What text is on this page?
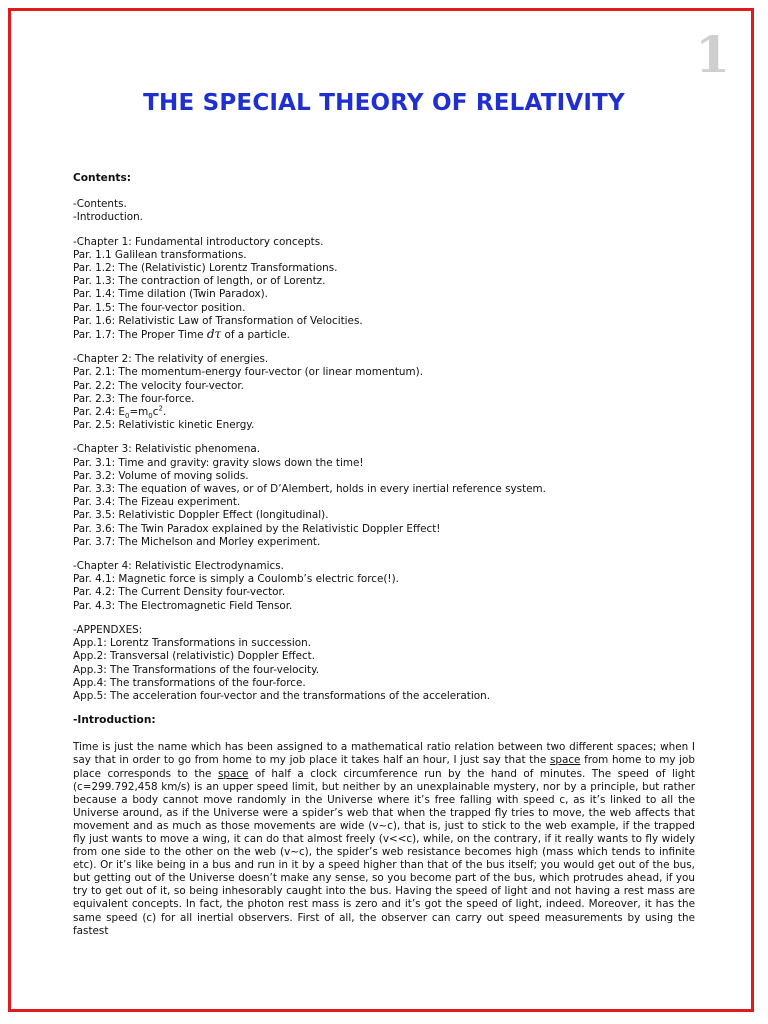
1
THE SPECIAL THEORY OF RELATIVITY
Contents:
-Contents.
-Introduction.
-Chapter 1: Fundamental introductory concepts.
Par. 1.1 Galilean transformations.
Par. 1.2: The (Relativistic) Lorentz Transformations.
Par. 1.3: The contraction of length, or of Lorentz.
Par. 1.4: Time dilation (Twin Paradox).
Par. 1.5: The four-vector position.
Par. 1.6: Relativistic Law of Transformation of Velocities.
Par. 1.7: The Proper Time dτ of a particle.
-Chapter 2: The relativity of energies.
Par. 2.1: The momentum-energy four-vector (or linear momentum).
Par. 2.2: The velocity four-vector.
Par. 2.3: The four-force.
Par. 2.4: $E_0=m_0c^2$.
Par. 2.5: Relativistic kinetic Energy.
-Chapter 3: Relativistic phenomena.
Par. 3.1: Time and gravity: gravity slows down the time!
Par. 3.2: Volume of moving solids.
Par. 3.3: The equation of waves, or of D’Alembert, holds in every inertial reference system.
Par. 3.4: The Fizeau experiment.
Par. 3.5: Relativistic Doppler Effect (longitudinal).
Par. 3.6: The Twin Paradox explained by the Relativistic Doppler Effect!
Par. 3.7: The Michelson and Morley experiment.
-Chapter 4: Relativistic Electrodynamics.
Par. 4.1: Magnetic force is simply a Coulomb’s electric force(!).
Par. 4.2: The Current Density four-vector.
Par. 4.3: The Electromagnetic Field Tensor.
-APPENDXES:
App.1: Lorentz Transformations in succession.
App.2: Transversal (relativistic) Doppler Effect.
App.3: The Transformations of the four-velocity.
App.4: The transformations of the four-force.
App.5: The acceleration four-vector and the transformations of the acceleration.
-Introduction:
Time is just the name which has been assigned to a mathematical ratio relation between two different spaces; when I say that in order to go from home to my job place it takes half an hour, I just say that the space from home to my job place corresponds to the space of half a clock circumference run by the hand of minutes. The speed of light (c=299.792,458 km/s) is an upper speed limit, but neither by an unexplainable mystery, nor by a principle, but rather because a body cannot move randomly in the Universe where it’s free falling with speed c, as it’s linked to all the Universe around, as if the Universe were a spider’s web that when the trapped fly tries to move, the web affects that movement and as much as those movements are wide (v~c), that is, just to stick to the web example, if the trapped fly just wants to move a wing, it can do that almost freely (v<<c), while, on the contrary, if it really wants to fly widely from one side to the other on the web (v~c), the spider’s web resistance becomes high (mass which tends to infinite etc). Or it’s like being in a bus and run in it by a speed higher than that of the bus itself; you would get out of the bus, but getting out of the Universe doesn’t make any sense, so you become part of the bus, which protrudes ahead, if you try to get out of it, so being inhesorably caught into the bus. Having the speed of light and not having a rest mass are equivalent concepts. In fact, the photon rest mass is zero and it’s got the speed of light, indeed. Moreover, it has the same speed (c) for all inertial observers. First of all, the observer can carry out speed measurements by using the fastest
